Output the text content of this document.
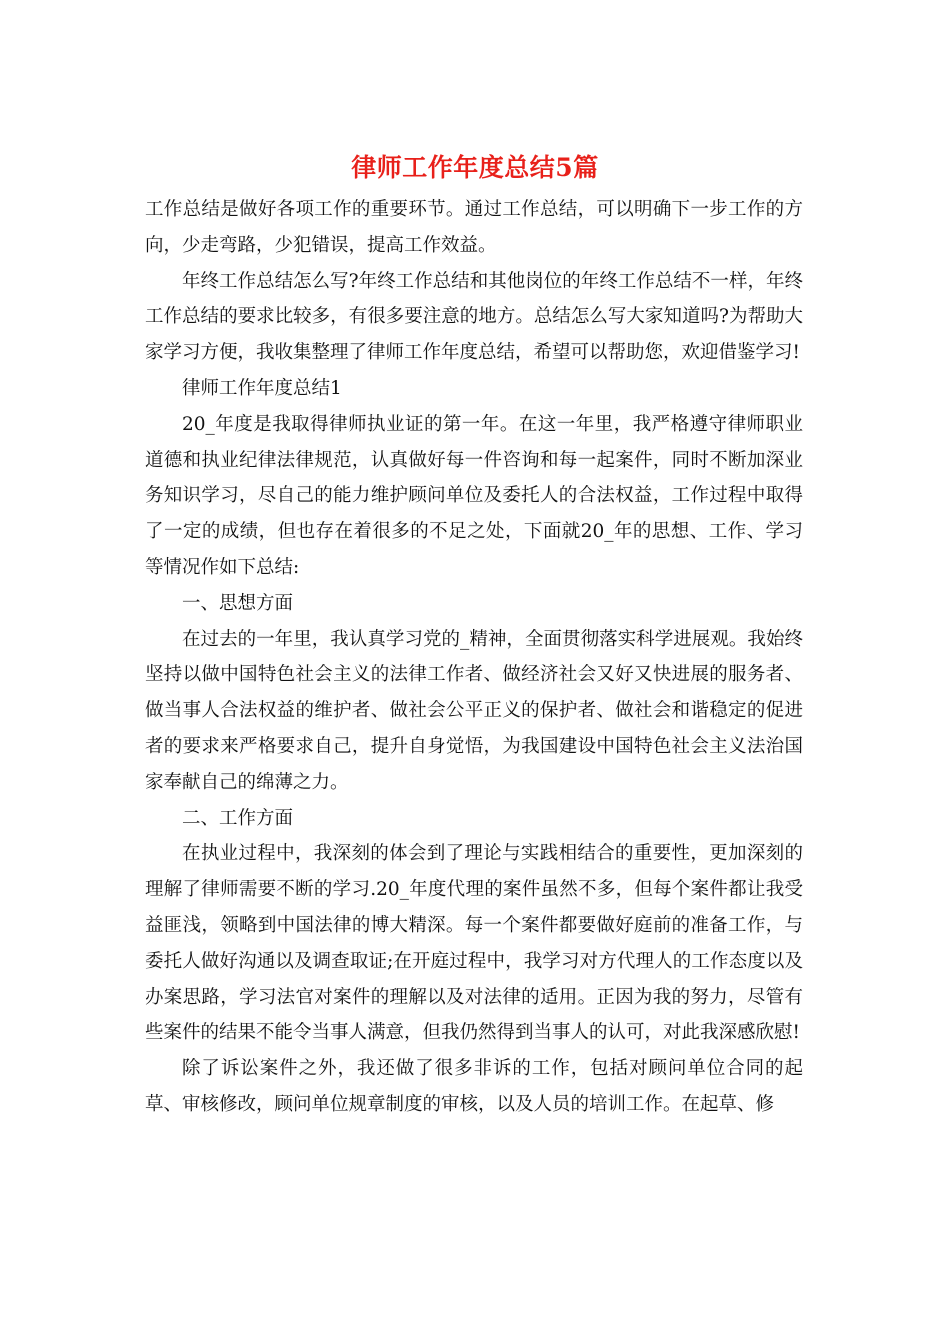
律师工作年度总结5篇

工作总结是做好各项工作的重要环节。通过工作总结，可以明确下一步工作的方向，少走弯路，少犯错误，提高工作效益。

年终工作总结怎么写?年终工作总结和其他岗位的年终工作总结不一样，年终工作总结的要求比较多，有很多要注意的地方。总结怎么写大家知道吗?为帮助大家学习方便，我收集整理了律师工作年度总结，希望可以帮助您，欢迎借鉴学习!

律师工作年度总结1

20_年度是我取得律师执业证的第一年。在这一年里，我严格遵守律师职业道德和执业纪律法律规范，认真做好每一件咨询和每一起案件，同时不断加深业务知识学习，尽自己的能力维护顾问单位及委托人的合法权益，工作过程中取得了一定的成绩，但也存在着很多的不足之处，下面就20_年的思想、工作、学习等情况作如下总结:

一、思想方面

在过去的一年里，我认真学习党的_精神，全面贯彻落实科学进展观。我始终坚持以做中国特色社会主义的法律工作者、做经济社会又好又快进展的服务者、做当事人合法权益的维护者、做社会公平正义的保护者、做社会和谐稳定的促进者的要求来严格要求自己，提升自身觉悟，为我国建设中国特色社会主义法治国家奉献自己的绵薄之力。

二、工作方面

在执业过程中，我深刻的体会到了理论与实践相结合的重要性，更加深刻的理解了律师需要不断的学习.20_年度代理的案件虽然不多，但每个案件都让我受益匪浅，领略到中国法律的博大精深。每一个案件都要做好庭前的准备工作，与委托人做好沟通以及调查取证;在开庭过程中，我学习对方代理人的工作态度以及办案思路，学习法官对案件的理解以及对法律的适用。正因为我的努力，尽管有些案件的结果不能令当事人满意，但我仍然得到当事人的认可，对此我深感欣慰!

除了诉讼案件之外，我还做了很多非诉的工作，包括对顾问单位合同的起草、审核修改，顾问单位规章制度的审核，以及人员的培训工作。在起草、修
